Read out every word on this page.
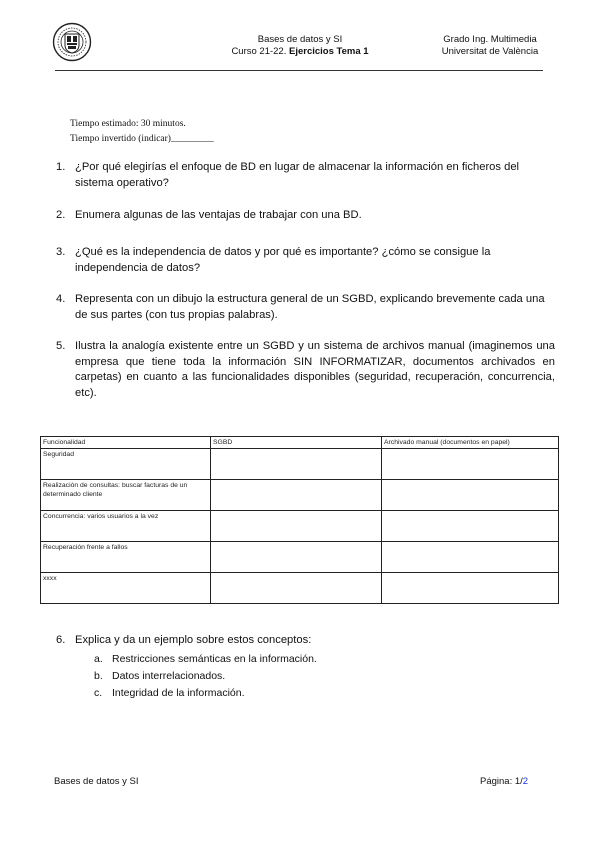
Bases de datos y SI
Curso 21-22. Ejercicios Tema 1
Grado Ing. Multimedia
Universitat de València
Tiempo estimado: 30 minutos.
Tiempo invertido (indicar)_________
1. ¿Por qué elegirías el enfoque de BD en lugar de almacenar la información en ficheros del sistema operativo?
2. Enumera algunas de las ventajas de trabajar con una BD.
3. ¿Qué es la independencia de datos y por qué es importante? ¿cómo se consigue la independencia de datos?
4. Representa con un dibujo la estructura general de un SGBD, explicando brevemente cada una de sus partes (con tus propias palabras).
5. Ilustra la analogía existente entre un SGBD y un sistema de archivos manual (imaginemos una empresa que tiene toda la información SIN INFORMATIZAR, documentos archivados en carpetas) en cuanto a las funcionalidades disponibles (seguridad, recuperación, concurrencia, etc).
Funcionalidad	SGBD	Archivado manual (documentos en papel)
Seguridad		
Realización de consultas: buscar facturas de un determinado cliente		
Concurrencia: varios usuarios a la vez		
Recuperación frente a fallos		
xxxx		
6. Explica y da un ejemplo sobre estos conceptos:
a. Restricciones semánticas en la información.
b. Datos interrelacionados.
c. Integridad de la información.
Bases de datos y SI	Página: 1/2
